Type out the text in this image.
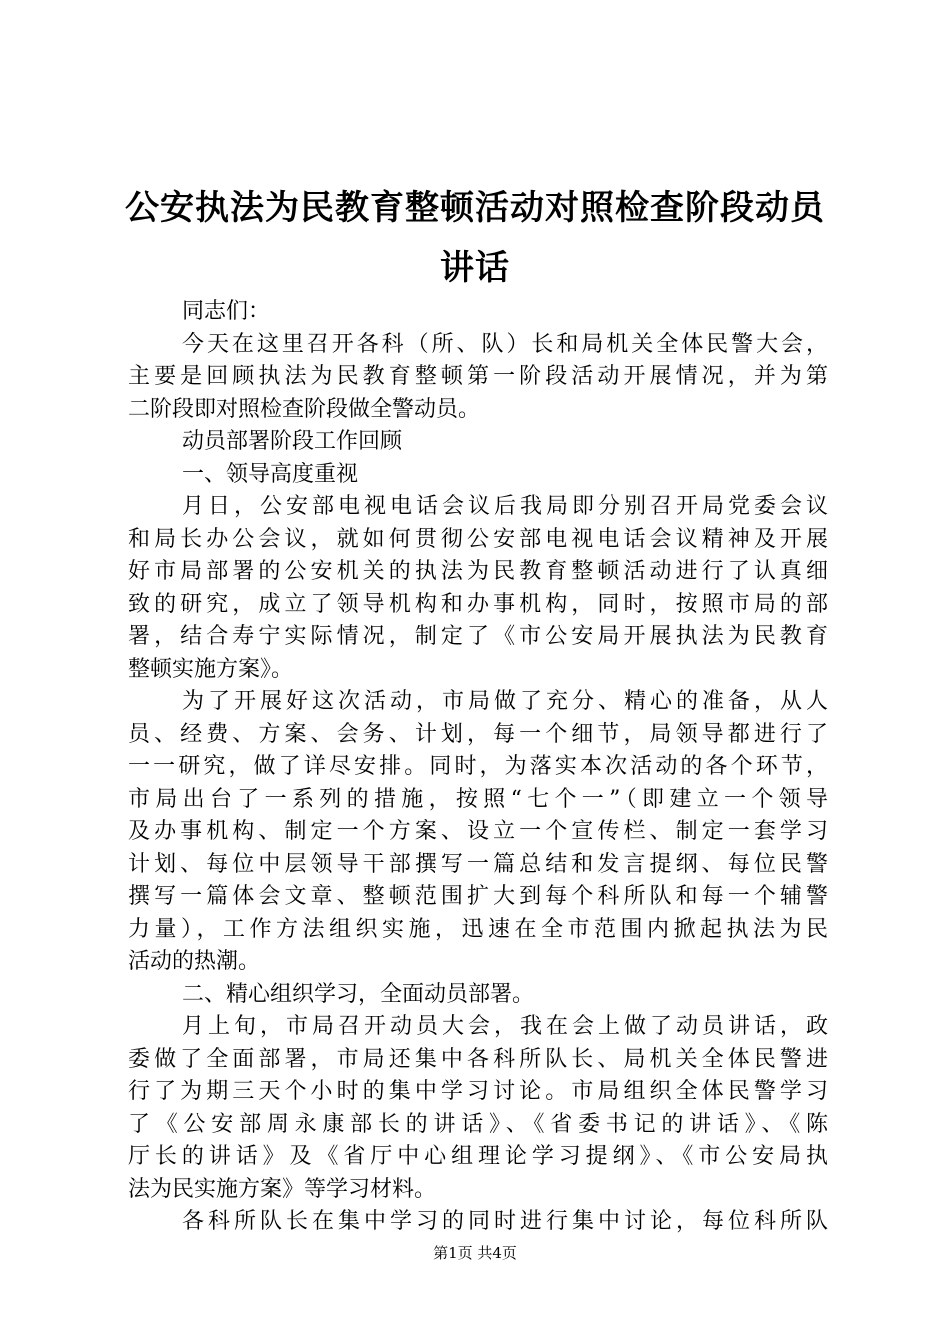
公安执法为民教育整顿活动对照检查阶段动员
讲话
同志们：
今天在这里召开各科（所、队）长和局机关全体民警大会，
主要是回顾执法为民教育整顿第一阶段活动开展情况，并为第
二阶段即对照检查阶段做全警动员。
动员部署阶段工作回顾
一、领导高度重视
月日，公安部电视电话会议后我局即分别召开局党委会议
和局长办公会议，就如何贯彻公安部电视电话会议精神及开展
好市局部署的公安机关的执法为民教育整顿活动进行了认真细
致的研究，成立了领导机构和办事机构，同时，按照市局的部
署，结合寿宁实际情况，制定了《市公安局开展执法为民教育
整顿实施方案》。
为了开展好这次活动，市局做了充分、精心的准备，从人
员、经费、方案、会务、计划，每一个细节，局领导都进行了
一一研究，做了详尽安排。同时，为落实本次活动的各个环节，
市局出台了一系列的措施，按照“七个一”（即建立一个领导
及办事机构、制定一个方案、设立一个宣传栏、制定一套学习
计划、每位中层领导干部撰写一篇总结和发言提纲、每位民警
撰写一篇体会文章、整顿范围扩大到每个科所队和每一个辅警
力量），工作方法组织实施，迅速在全市范围内掀起执法为民
活动的热潮。
二、精心组织学习，全面动员部署。
月上旬，市局召开动员大会，我在会上做了动员讲话，政
委做了全面部署，市局还集中各科所队长、局机关全体民警进
行了为期三天个小时的集中学习讨论。市局组织全体民警学习
了《公安部周永康部长的讲话》、《省委书记的讲话》、《陈
厅长的讲话》及《省厅中心组理论学习提纲》、《市公安局执
法为民实施方案》等学习材料。
各科所队长在集中学习的同时进行集中讨论，每位科所队
第1页 共4页
